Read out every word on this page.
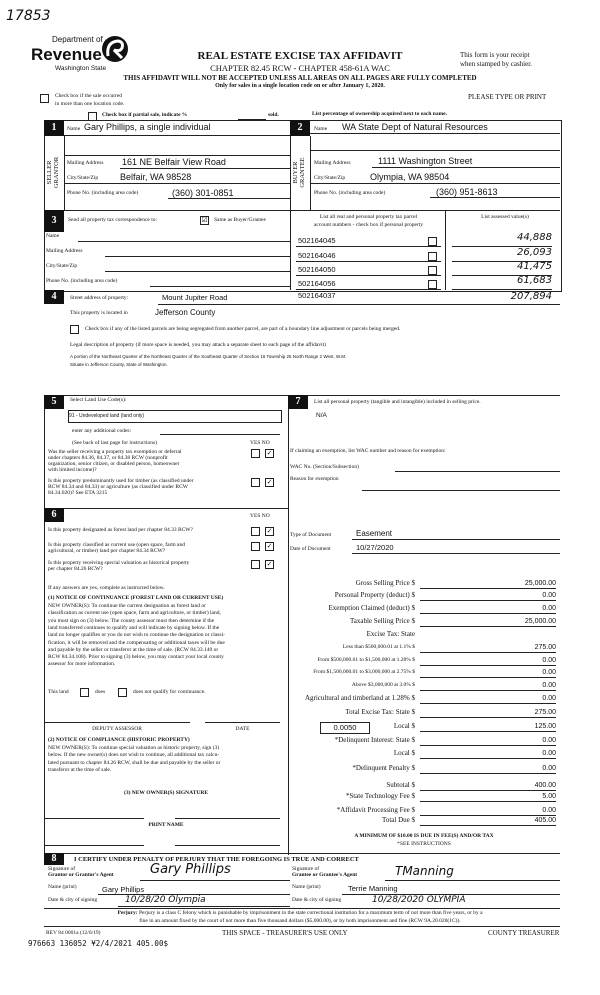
17853
Department of
Revenue
Washington State
REAL ESTATE EXCISE TAX AFFIDAVIT
CHAPTER 82.45 RCW - CHAPTER 458-61A WAC
THIS AFFIDAVIT WILL NOT BE ACCEPTED UNLESS ALL AREAS ON ALL PAGES ARE FULLY COMPLETED
Only for sales in a single location code on or after January 1, 2020.
This form is your receipt
when stamped by cashier.
PLEASE TYPE OR PRINT
Check box if the sale occurred
in more than one location code.
Check box if partial sale, indicate %	sold.	List percentage of ownership acquired next to each name.
1	2
SELLER
GRANTOR	BUYER
GRANTEE
Name Gary Phillips, a single individual
Mailing Address 161 NE Belfair View Road
City/State/Zip Belfair, WA 98528
Phone No. (including area code)	(360) 301-0851
Name WA State Dept of Natural Resources
Mailing Address	1111 Washington Street
City/State/Zip	Olympia, WA 98504
Phone No. (including area code)	(360) 951-8613
3	Send all property tax correspondence to:	☑ Same as Buyer/Grantee
Name
Mailing Address
City/State/Zip
Phone No. (including area code)
List all real and personal property tax parcel
account numbers - check box if personal property
List assessed value(s)
502164045	44,888
502164046	26,093
502164050	41,475
502164056	61,683
502164037	207,894
4	Street address of property:	Mount Jupiter Road
This property is located in	Jefferson County
Check box if any of the listed parcels are being segregated from another parcel, are part of a boundary line adjustment or parcels being merged.
Legal description of property (if more space is needed, you may attach a separate sheet to each page of the affidavit)
A portion of the Northeast Quarter of the Northeast Quarter of the Southeast Quarter of Section 16 Township 25 North Range 2 West, W.M.
Situate in Jefferson County, State of Washington.
5	Select Land Use Code(s):
91 - Undeveloped land (land only)
enter any additional codes:
(See back of last page for instructions)	YES NO
Was the seller receiving a property tax exemption or deferral
under chapters 84.36, 84.37, or 84.38 RCW (nonprofit
organization, senior citizen, or disabled person, homeowner
with limited income)?
✓
Is this property predominantly used for timber (as classified under
RCW 84.34 and 84.33) or agriculture (as classified under RCW
84.34.020)? See ETA 3215
✓
6	YES NO
Is this property designated as forest land per chapter 84.33 RCW?	✓
Is this property classified as current use (open space, farm and
agricultural, or timber) land per chapter 84.34 RCW?
✓
Is this property receiving special valuation as historical property
per chapter 84.26 RCW?
✓
If any answers are yes, complete as instructed below.
(1) NOTICE OF CONTINUANCE (FOREST LAND OR CURRENT USE)
NEW OWNER(S): To continue the current designation as forest land or
classification as current use (open space, farm and agriculture, or timber) land,
you must sign on (3) below. The county assessor must then determine if the
land transferred continues to qualify and will indicate by signing below. If the
land no longer qualifies or you do not wish to continue the designation or classi-
fication, it will be removed and the compensating or additional taxes will be due
and payable by the seller or transferor at the time of sale. (RCW 84.33.140 or
RCW 84.34.108). Prior to signing (3) below, you may contact your local county
assessor for more information.
This land	does	does not qualify for continuance.
DEPUTY ASSESSOR	DATE
(2) NOTICE OF COMPLIANCE (HISTORIC PROPERTY)
NEW OWNER(S): To continue special valuation as historic property, sign (3)
below. If the new owner(s) does not wish to continue, all additional tax calcu-
lated pursuant to chapter 84.26 RCW, shall be due and payable by the seller or
transferor at the time of sale.
(3) NEW OWNER(S) SIGNATURE
PRINT NAME
7	List all personal property (tangible and intangible) included in selling price.
N/A
If claiming an exemption, list WAC number and reason for exemption:
WAC No. (Section/Subsection)
Reason for exemption
Type of Document	Easement
Date of Document	10/27/2020
Gross Selling Price $	25,000.00
Personal Property (deduct) $	0.00
Exemption Claimed (deduct) $	0.00
Taxable Selling Price $	25,000.00
Excise Tax: State
Less than $500,000.01 at 1.1% $	275.00
From $500,000.01 to $1,500,000 at 1.28% $	0.00
From $1,500,000.01 to $3,000,000 at 2.75% $	0.00
Above $3,000,000 at 3.0% $	0.00
Agricultural and timberland at 1.28% $	0.00
Total Excise Tax: State $	275.00
Local $	125.00
*Delinquent Interest: State $	0.00
Local $	0.00
*Delinquent Penalty $	0.00
Subtotal $	400.00
*State Technology Fee $	5.00
*Affidavit Processing Fee $	0.00
Total Due $	405.00
0.0050
A MINIMUM OF $10.00 IS DUE IN FEE(S) AND/OR TAX
*SEE INSTRUCTIONS
8	I CERTIFY UNDER PENALTY OF PERJURY THAT THE FOREGOING IS TRUE AND CORRECT
Signature of
Grantor or Grantor's Agent	Gary Phillips
Name (print)	Gary Phillips
Date & city of signing	10/28/20 Olympia
Signature of
Grantee or Grantee's Agent	TManning
Name (print)	Terrie Manning
Date & city of signing	10/28/2020 OLYMPIA
Perjury: Perjury is a class C felony which is punishable by imprisonment in the state correctional institution for a maximum term of not more than five years, or by a
fine in an amount fixed by the court of not more than five thousand dollars ($5,000.00), or by both imprisonment and fine (RCW 9A.20.020(1C)).
REV 84 0001a (12/6/19)	THIS SPACE - TREASURER'S USE ONLY	COUNTY TREASURER
976663 136052 ¥2/4/2021 405.00$
